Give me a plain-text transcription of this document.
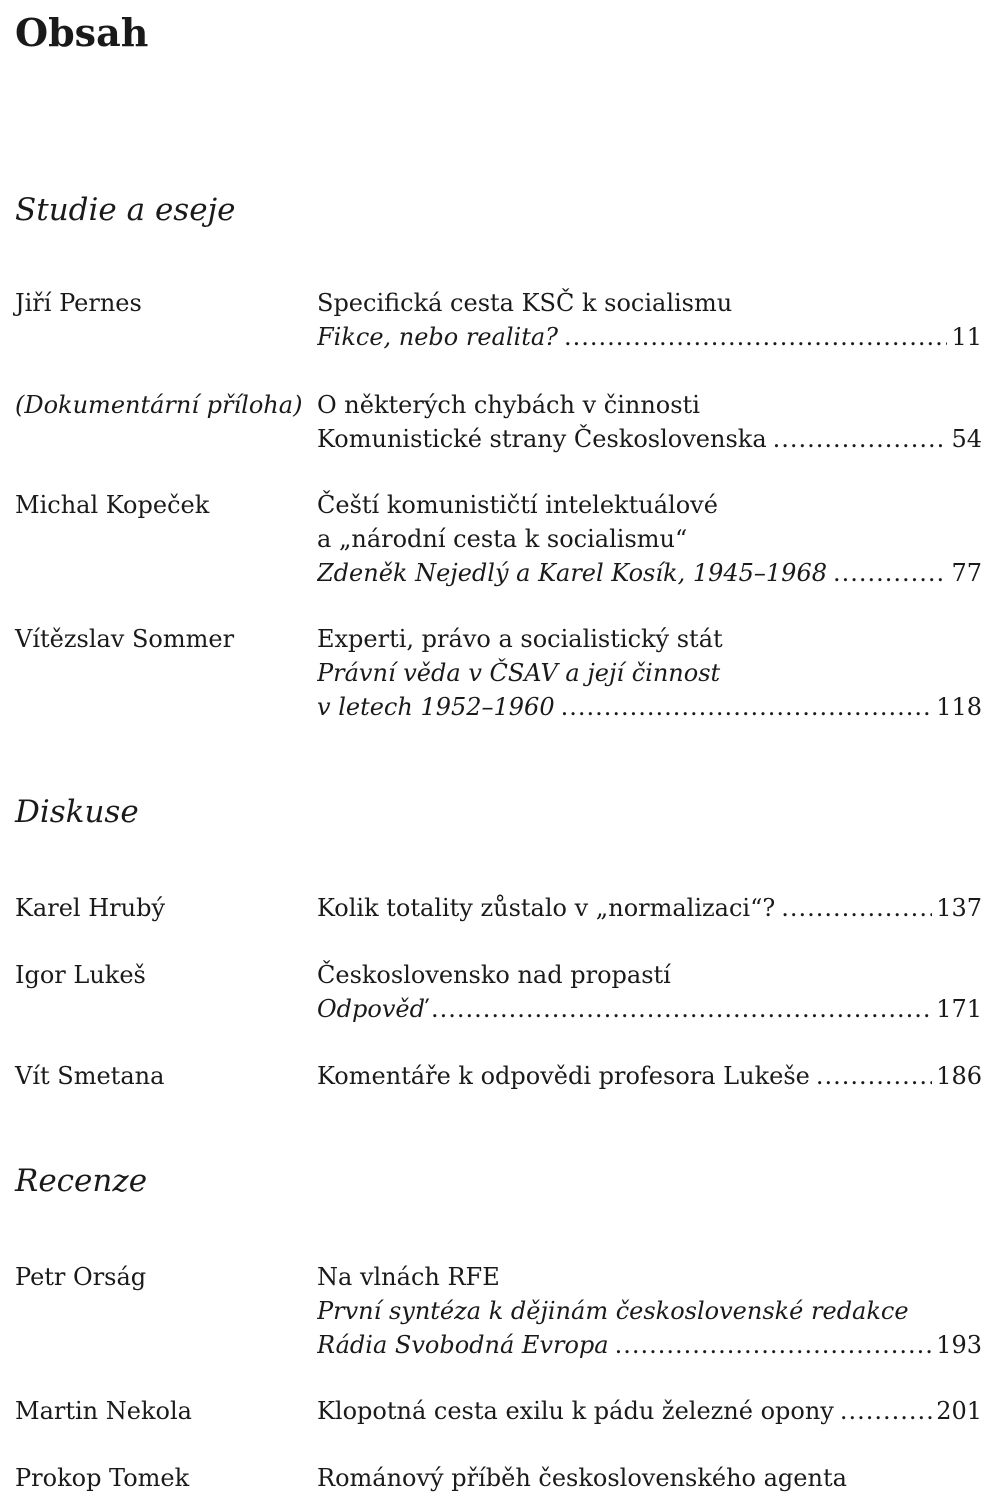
Obsah
Studie a eseje
Jiří Pernes	Specifická cesta KSČ k socialismu
Fikce, nebo realita? .....	11
(Dokumentární příloha) O některých chybách v činnosti
Komunistické strany Československa .....	54
Michal Kopeček	Čeští komunističtí intelektuálové
a „národní cesta k socialismu“
Zdeněk Nejedlý a Karel Kosík, 1945–1968 .....	77
Vítězslav Sommer	Experti, právo a socialistický stát
Právní věda v ČSAV a její činnost
v letech 1952–1960 .....	118
Diskuse
Karel Hrubý	Kolik totality zůstalo v „normalizaci“? .....	137
Igor Lukeš	Československo nad propastí
Odpověď .....	171
Vít Smetana	Komentáře k odpovědi profesora Lukeše .....	186
Recenze
Petr Orság	Na vlnách RFE
První syntéza k dějinám československé redakce
Rádia Svobodná Evropa .....	193
Martin Nekola	Klopotná cesta exilu k pádu železné opony .....	201
Prokop Tomek	Románový příběh československého agenta
